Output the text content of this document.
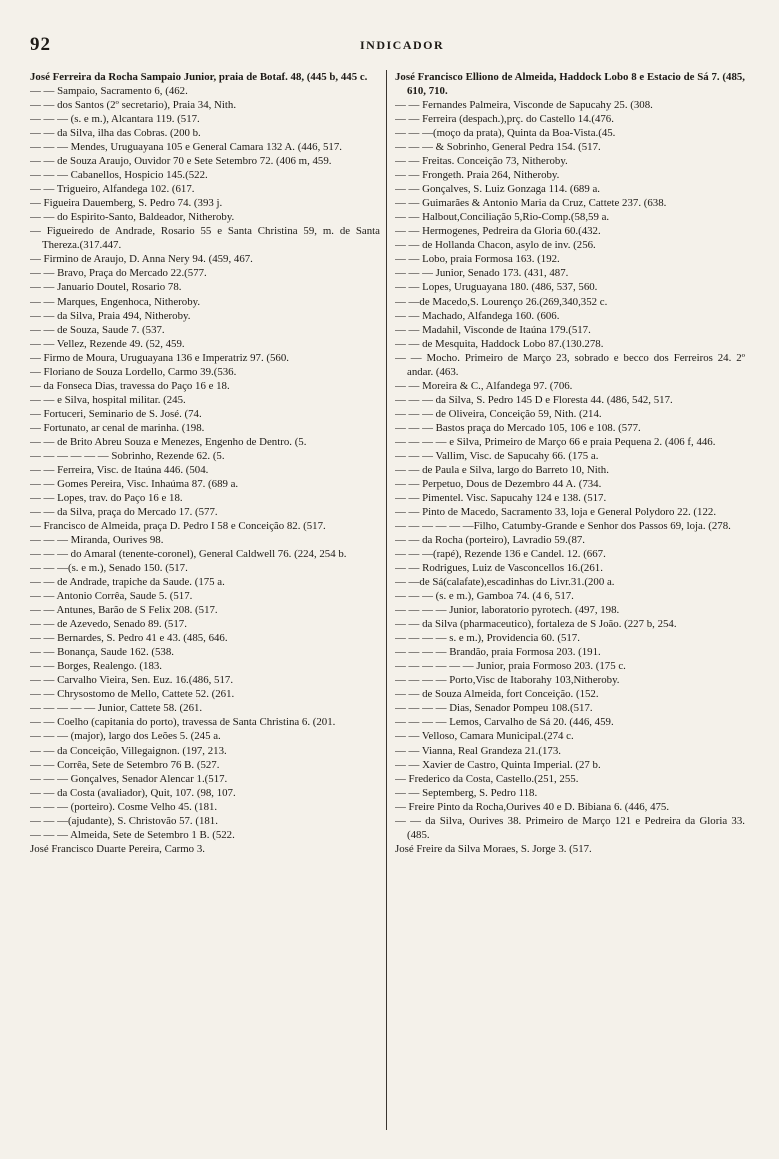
92	INDICADOR

José Ferreira da Rocha Sampaio Junior, praia de Botaf. 48, (445 b, 445 c.

— — Sampaio, Sacramento 6, (462.

— — dos Santos (2º secretario), Praia 34, Nith.

— — — (s. e m.), Alcantara 119. (517.

— — da Silva, ilha das Cobras. (200 b.

— — — Mendes, Uruguayana 105 e General Camara 132 A. (446, 517.

— — de Souza Araujo, Ouvidor 70 e Sete Setembro 72. (406 m, 459.

— — — Cabanellos, Hospicio 145.(522.

— — Trigueiro, Alfandega 102. (617.

— Figueira Dauemberg, S. Pedro 74. (393 j.

— — do Espirito-Santo, Baldeador, Nitheroby.

— Figueiredo de Andrade, Rosario 55 e Santa Christina 59, m. de Santa Thereza.(317.447.

— Firmino de Araujo, D. Anna Nery 94. (459, 467.

— — Bravo, Praça do Mercado 22.(577.

— — Januario Doutel, Rosario 78.

— — Marques, Engenhoca, Nitheroby.

— — da Silva, Praia 494, Nitheroby.

— — de Souza, Saude 7. (537.

— — Vellez, Rezende 49. (52, 459.

— Firmo de Moura, Uruguayana 136 e Imperatriz 97. (560.

— Floriano de Souza Lordello, Carmo 39.(536.

— da Fonseca Dias, travessa do Paço 16 e 18.

— — e Silva, hospital militar. (245.

— Fortuceri, Seminario de S. José. (74.

— Fortunato, ar cenal de marinha. (198.

— — de Brito Abreu Souza e Menezes, Engenho de Dentro. (5.

— — — — — — Sobrinho, Rezende 62. (5.

— — Ferreira, Visc. de Itaúna 446. (504.

— — Gomes Pereira, Visc. Inhaúma 87. (689 a.

— — Lopes, trav. do Paço 16 e 18.

— — da Silva, praça do Mercado 17. (577.

— Francisco de Almeida, praça D. Pedro I 58 e Conceição 82. (517.

— — — Miranda, Ourives 98.

— — — do Amaral (tenente-coronel), General Caldwell 76. (224, 254 b.

— — —(s. e m.), Senado 150. (517.

— — de Andrade, trapiche da Saude. (175 a.

— — Antonio Corrêa, Saude 5. (517.

— — Antunes, Barão de S Felix 208. (517.

— — de Azevedo, Senado 89. (517.

— — Bernardes, S. Pedro 41 e 43. (485, 646.

— — Bonança, Saude 162. (538.

— — Borges, Realengo. (183.

— — Carvalho Vieira, Sen. Euz. 16.(486, 517.

— — Chrysostomo de Mello, Cattete 52. (261.

— — — — — Junior, Cattete 58. (261.

— — Coelho (capitania do porto), travessa de Santa Christina 6. (201.

— — — (major), largo dos Leões 5. (245 a.

— — da Conceição, Villegaignon. (197, 213.

— — Corrêa, Sete de Setembro 76 B. (527.

— — — Gonçalves, Senador Alencar 1.(517.

— — da Costa (avaliador), Quit, 107. (98, 107.

— — — (porteiro). Cosme Velho 45. (181.

— — —(ajudante), S. Christovão 57. (181.

— — — Almeida, Sete de Setembro 1 B. (522.

José Francisco Duarte Pereira, Carmo 3.

José Francisco Elliono de Almeida, Haddock Lobo 8 e Estacio de Sá 7. (485, 610, 710.

— — Fernandes Palmeira, Visconde de Sapucahy 25. (308.

— — Ferreira (despach.),prç. do Castello 14.(476.

— — —(moço da prata), Quinta da Boa-Vista.(45.

— — — & Sobrinho, General Pedra 154. (517.

— — Freitas. Conceição 73, Nitheroby.

— — Frongeth. Praia 264, Nitheroby.

— — Gonçalves, S. Luiz Gonzaga 114. (689 a.

— — Guimarães & Antonio Maria da Cruz, Cattete 237. (638.

— — Halbout,Conciliação 5,Rio-Comp.(58,59 a.

— — Hermogenes, Pedreira da Gloria 60.(432.

— — de Hollanda Chacon, asylo de inv. (256.

— — Lobo, praia Formosa 163. (192.

— — — Junior, Senado 173. (431, 487.

— — Lopes, Uruguayana 180. (486, 537, 560.

— —de Macedo,S. Lourenço 26.(269,340,352 c.

— — Machado, Alfandega 160. (606.

— — Madahil, Visconde de Itaúna 179.(517.

— — de Mesquita, Haddock Lobo 87.(130.278.

— — Mocho. Primeiro de Março 23, sobrado e becco dos Ferreiros 24. 2º andar. (463.

— — Moreira & C., Alfandega 97. (706.

— — — da Silva, S. Pedro 145 D e Floresta 44. (486, 542, 517.

— — — de Oliveira, Conceição 59, Nith. (214.

— — — Bastos praça do Mercado 105, 106 e 108. (577.

— — — — e Silva, Primeiro de Março 66 e praia Pequena 2. (406 f, 446.

— — — Vallim, Visc. de Sapucahy 66. (175 a.

— — de Paula e Silva, largo do Barreto 10, Nith.

— — Perpetuo, Dous de Dezembro 44 A. (734.

— — Pimentel. Visc. Sapucahy 124 e 138. (517.

— — Pinto de Macedo, Sacramento 33, loja e General Polydoro 22. (122.

— — — — — —Filho, Catumby-Grande e Senhor dos Passos 69, loja. (278.

— — da Rocha (porteiro), Lavradio 59.(87.

— — —(rapé), Rezende 136 e Candel. 12. (667.

— — Rodrigues, Luiz de Vasconcellos 16.(261.

— —de Sá(calafate),escadinhas do Livr.31.(200 a.

— — — (s. e m.), Gamboa 74. (4 6, 517.

— — — — Junior, laboratorio pyrotech. (497, 198.

— — da Silva (pharmaceutico), fortaleza de S João. (227 b, 254.

— — — — s. e m.), Providencia 60. (517.

— — — — Brandão, praia Formosa 203. (191.

— — — — — — Junior, praia Formoso 203. (175 c.

— — — — Porto,Visc de Itaborahy 103,Nitheroby.

— — de Souza Almeida, fort Conceição. (152.

— — — — Dias, Senador Pompeu 108.(517.

— — — — Lemos, Carvalho de Sá 20. (446, 459.

— — Velloso, Camara Municipal.(274 c.

— — Vianna, Real Grandeza 21.(173.

— — Xavier de Castro, Quinta Imperial. (27 b.

— Frederico da Costa, Castello.(251, 255.

— — Septemberg, S. Pedro 118.

— Freire Pinto da Rocha,Ourives 40 e D. Bibiana 6. (446, 475.

— — da Silva, Ourives 38. Primeiro de Março 121 e Pedreira da Gloria 33. (485.

José Freire da Silva Moraes, S. Jorge 3. (517.
